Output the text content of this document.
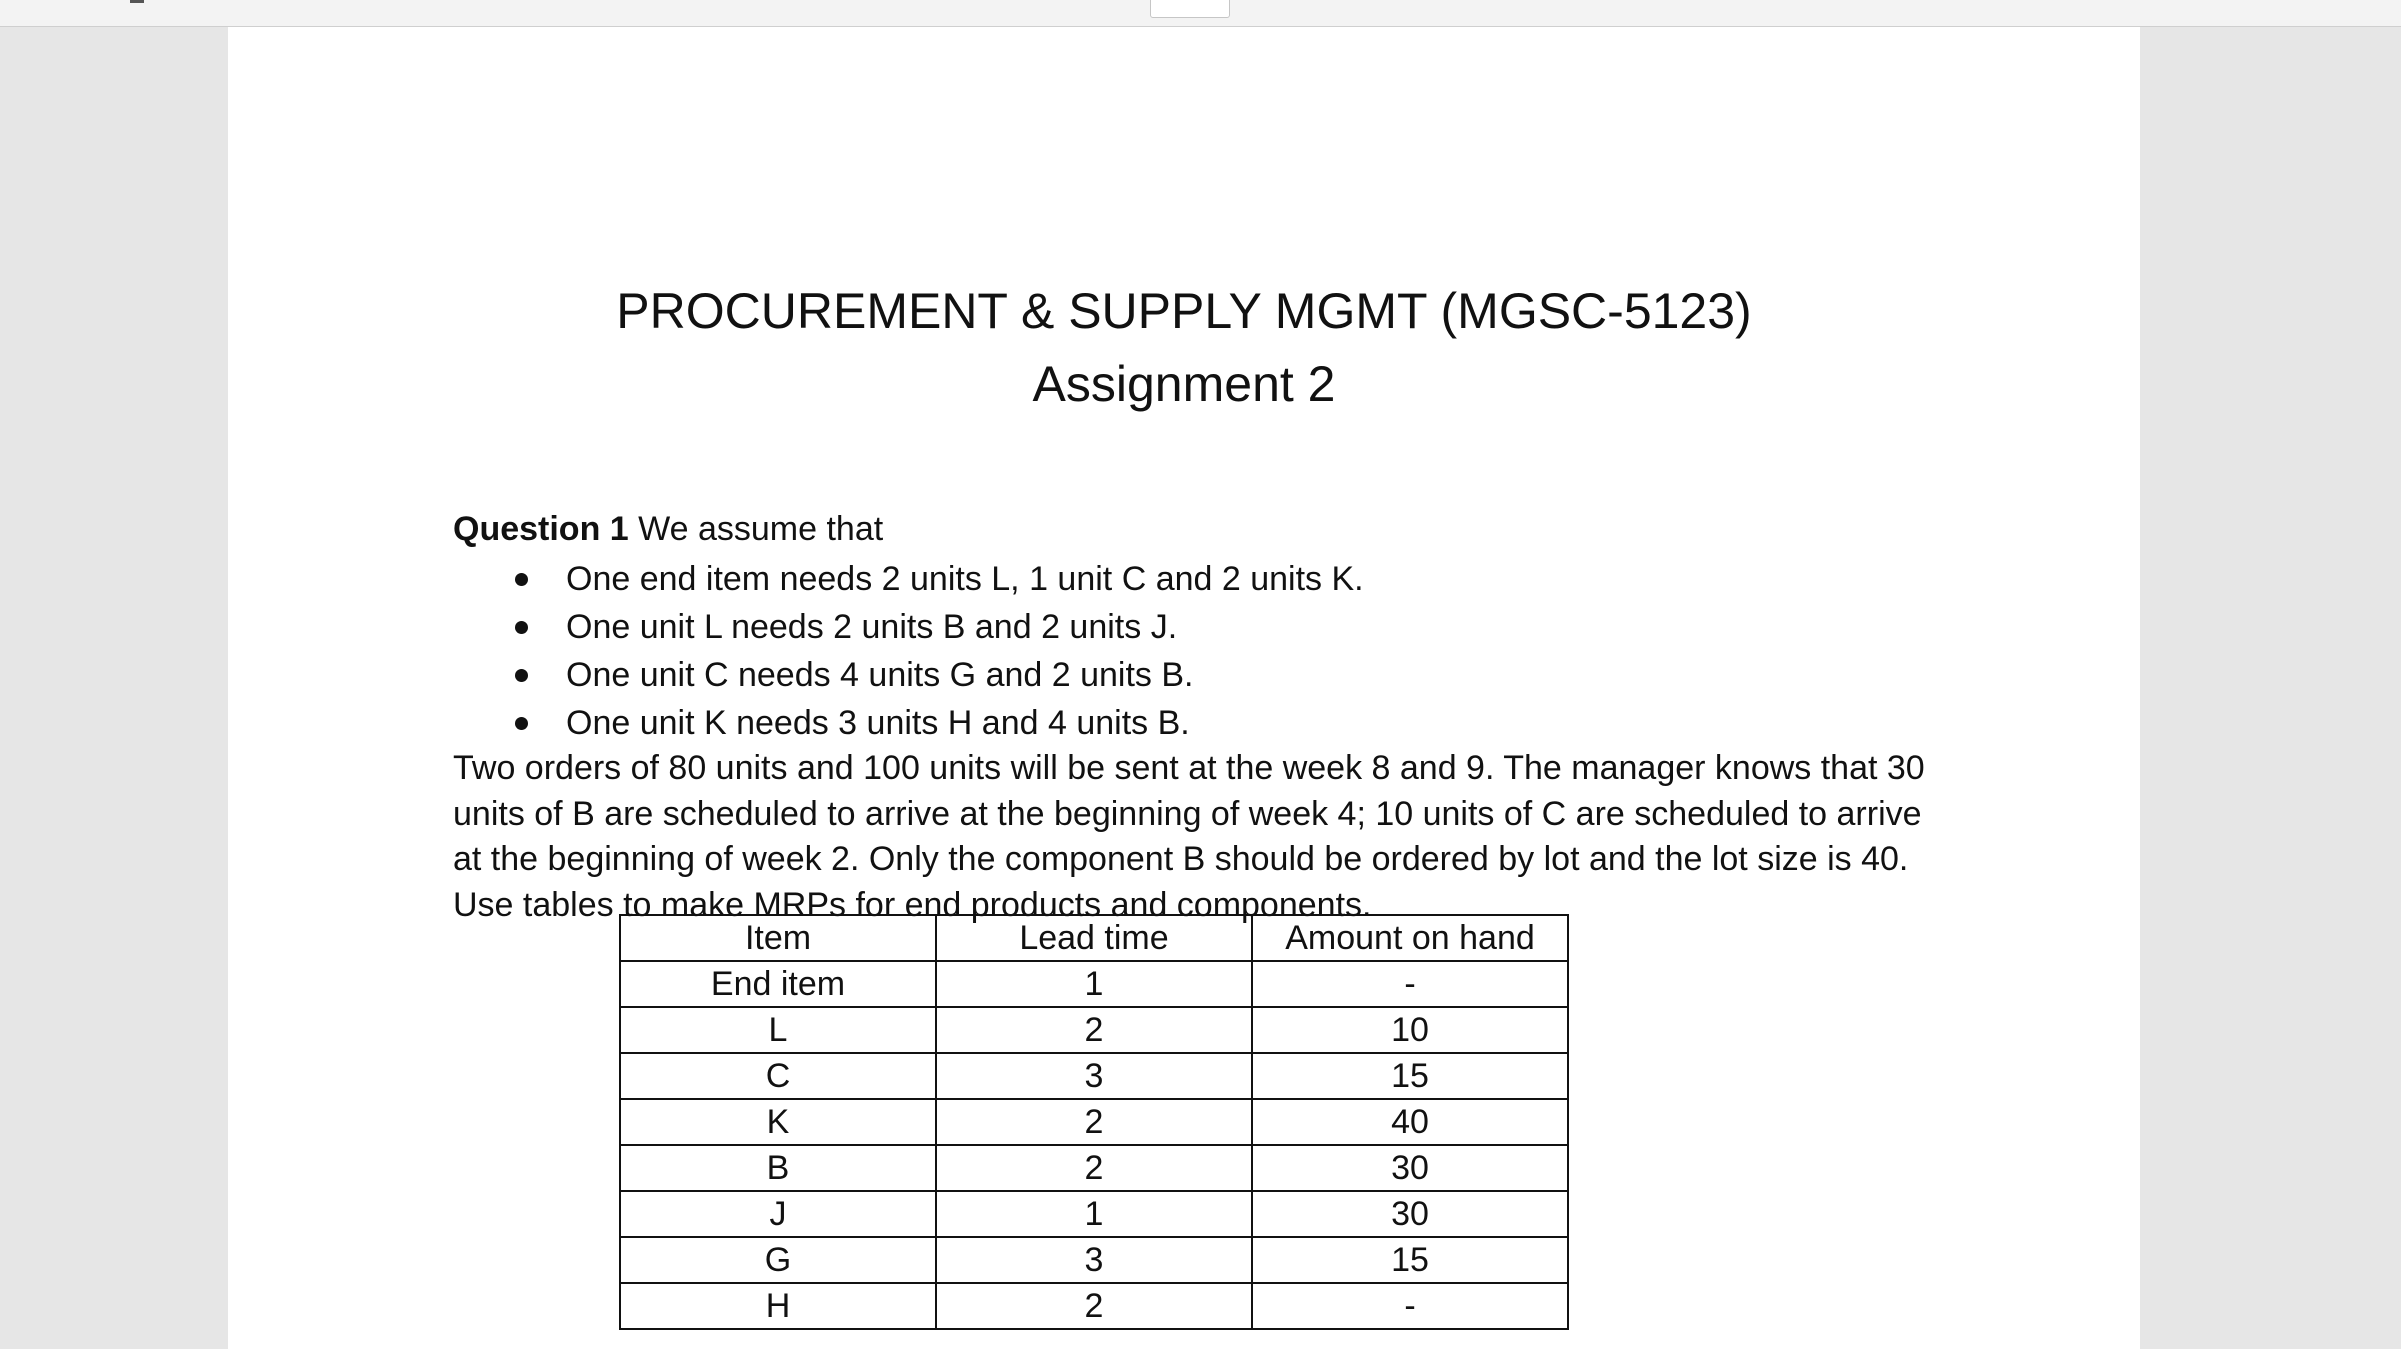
PROCUREMENT & SUPPLY MGMT (MGSC-5123)
Assignment 2
Question 1 We assume that
One end item needs 2 units L, 1 unit C and 2 units K.
One unit L needs 2 units B and 2 units J.
One unit C needs 4 units G and 2 units B.
One unit K needs 3 units H and 4 units B.
Two orders of 80 units and 100 units will be sent at the week 8 and 9. The manager knows that 30 units of B are scheduled to arrive at the beginning of week 4; 10 units of C are scheduled to arrive at the beginning of week 2. Only the component B should be ordered by lot and the lot size is 40. Use tables to make MRPs for end products and components.
Item	Lead time	Amount on hand
End item	1	-
L	2	10
C	3	15
K	2	40
B	2	30
J	1	30
G	3	15
H	2	-
